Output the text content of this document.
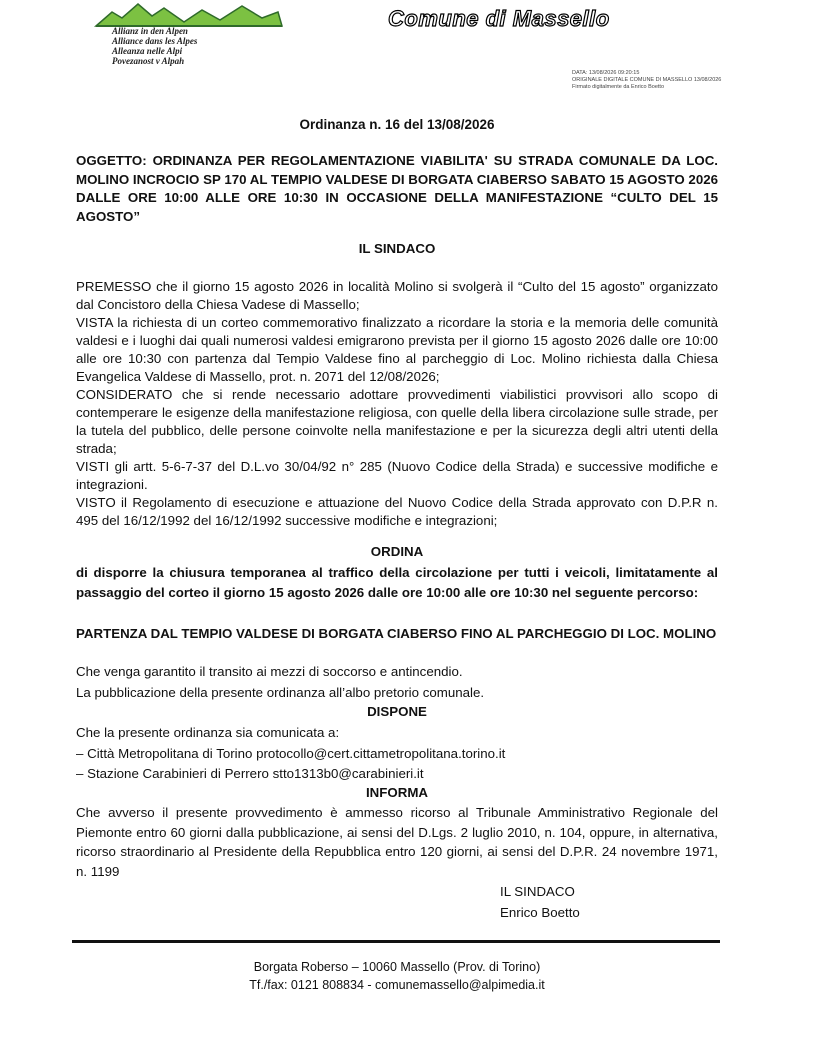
Allianz in den Alpen
Alliance dans les Alpes
Alleanza nelle Alpi
Povezanost v Alpah
Comune di Massello
DATA: 13/08/2026 09:20:15
ORIGINALE DIGITALE COMUNE DI MASSELLO 13/08/2026
Firmato digitalmente da Enrico Boetto
Ordinanza n. 16 del 13/08/2026
OGGETTO: ORDINANZA PER REGOLAMENTAZIONE VIABILITA' SU STRADA COMUNALE DA LOC. MOLINO INCROCIO SP 170 AL TEMPIO VALDESE DI BORGATA CIABERSO SABATO 15 AGOSTO 2026 DALLE ORE 10:00 ALLE ORE 10:30 IN OCCASIONE DELLA MANIFESTAZIONE “CULTO DEL 15 AGOSTO”
IL SINDACO

PREMESSO che il giorno 15 agosto 2026 in località Molino si svolgerà il “Culto del 15 agosto” organizzato dal Concistoro della Chiesa Vadese di Massello;

VISTA la richiesta di un corteo commemorativo finalizzato a ricordare la storia e la memoria delle comunità valdesi e i luoghi dai quali numerosi valdesi emigrarono prevista per il giorno 15 agosto 2026 dalle ore 10:00 alle ore 10:30 con partenza dal Tempio Valdese fino al parcheggio di Loc. Molino richiesta dalla Chiesa Evangelica Valdese di Massello, prot. n. 2071 del 12/08/2026;

CONSIDERATO che si rende necessario adottare provvedimenti viabilistici provvisori allo scopo di contemperare le esigenze della manifestazione religiosa, con quelle della libera circolazione sulle strade, per la tutela del pubblico, delle persone coinvolte nella manifestazione e per la sicurezza degli altri utenti della strada;

VISTI gli artt. 5-6-7-37 del D.L.vo 30/04/92 n° 285 (Nuovo Codice della Strada) e successive modifiche e integrazioni.

VISTO il Regolamento di esecuzione e attuazione del Nuovo Codice della Strada approvato con D.P.R n. 495 del 16/12/1992 del 16/12/1992 successive modifiche e integrazioni;

ORDINA
di disporre la chiusura temporanea al traffico della circolazione per tutti i veicoli, limitatamente al passaggio del corteo il giorno 15 agosto 2026 dalle ore 10:00 alle ore 10:30 nel seguente percorso:
PARTENZA DAL TEMPIO VALDESE DI BORGATA CIABERSO FINO AL PARCHEGGIO DI LOC. MOLINO

Che venga garantito il transito ai mezzi di soccorso e antincendio.

La pubblicazione della presente ordinanza all’albo pretorio comunale.

DISPONE

Che la presente ordinanza sia comunicata a:

– Città Metropolitana di Torino protocollo@cert.cittametropolitana.torino.it

– Stazione Carabinieri di Perrero stto1313b0@carabinieri.it

INFORMA
Che avverso il presente provvedimento è ammesso ricorso al Tribunale Amministrativo Regionale del Piemonte entro 60 giorni dalla pubblicazione, ai sensi del D.Lgs. 2 luglio 2010, n. 104, oppure, in alternativa, ricorso straordinario al Presidente della Repubblica entro 120 giorni, ai sensi del D.P.R. 24 novembre 1971, n. 1199

IL SINDACO

Enrico Boetto

Borgata Roberso – 10060 Massello (Prov. di Torino)

Tf./fax: 0121 808834 - comunemassello@alpimedia.it
